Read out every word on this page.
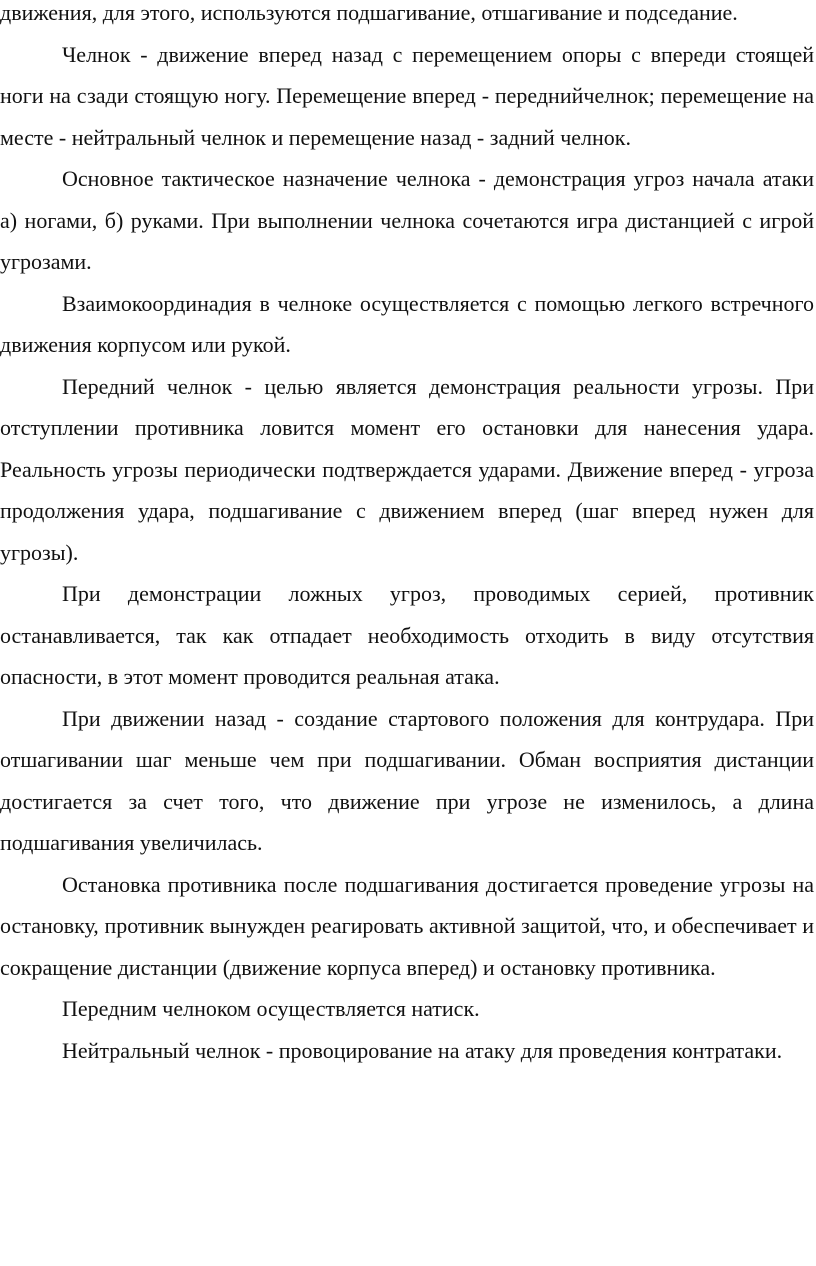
движения, для этого, используются подшагивание, отшагивание и подседание.

Челнок - движение вперед назад с перемещением опоры с впереди стоящей ноги на сзади стоящую ногу. Перемещение вперед - переднийчелнок; перемещение на месте - нейтральный челнок и перемещение назад - задний челнок.

Основное тактическое назначение челнока - демонстрация угроз начала атаки а) ногами, б) руками. При выполнении челнока сочетаются игра дистанцией с игрой угрозами.

Взаимокоординадия в челноке осуществляется с помощью легкого встречного движения корпусом или рукой.

Передний челнок - целью является демонстрация реальности угрозы. При отступлении противника ловится момент его остановки для нанесения удара. Реальность угрозы периодически подтверждается ударами. Движение вперед - угроза продолжения удара, подшагивание с движением вперед (шаг вперед нужен для угрозы).

При демонстрации ложных угроз, проводимых серией, противник останавливается, так как отпадает необходимость отходить в виду отсутствия опасности, в этот момент проводится реальная атака.

При движении назад - создание стартового положения для контрудара. При отшагивании шаг меньше чем при подшагивании. Обман восприятия дистанции достигается за счет того, что движение при угрозе не изменилось, а длина подшагивания увеличилась.

Остановка противника после подшагивания достигается проведение угрозы на остановку, противник вынужден реагировать активной защитой, что, и обеспечивает и сокращение дистанции (движение корпуса вперед) и остановку противника.

Передним челноком осуществляется натиск.

Нейтральный челнок - провоцирование на атаку для проведения контратаки.
